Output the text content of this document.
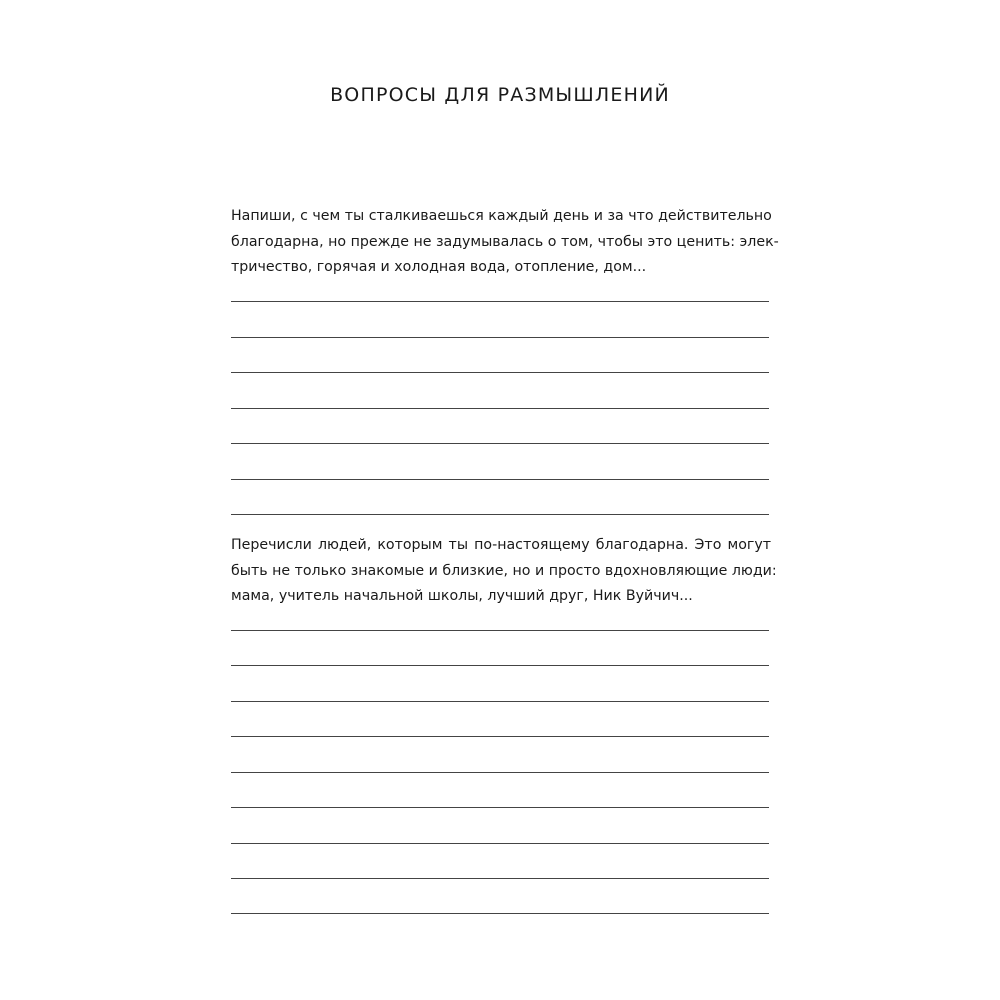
ВОПРОСЫ ДЛЯ РАЗМЫШЛЕНИЙ
Напиши, с чем ты сталкиваешься каждый день и за что действительно
благодарна, но прежде не задумывалась о том, чтобы это ценить: элек-
тричество, горячая и холодная вода, отопление, дом...
Перечисли людей, которым ты по-настоящему благодарна. Это могут
быть не только знакомые и близкие, но и просто вдохновляющие люди:
мама, учитель начальной школы, лучший друг, Ник Вуйчич...
